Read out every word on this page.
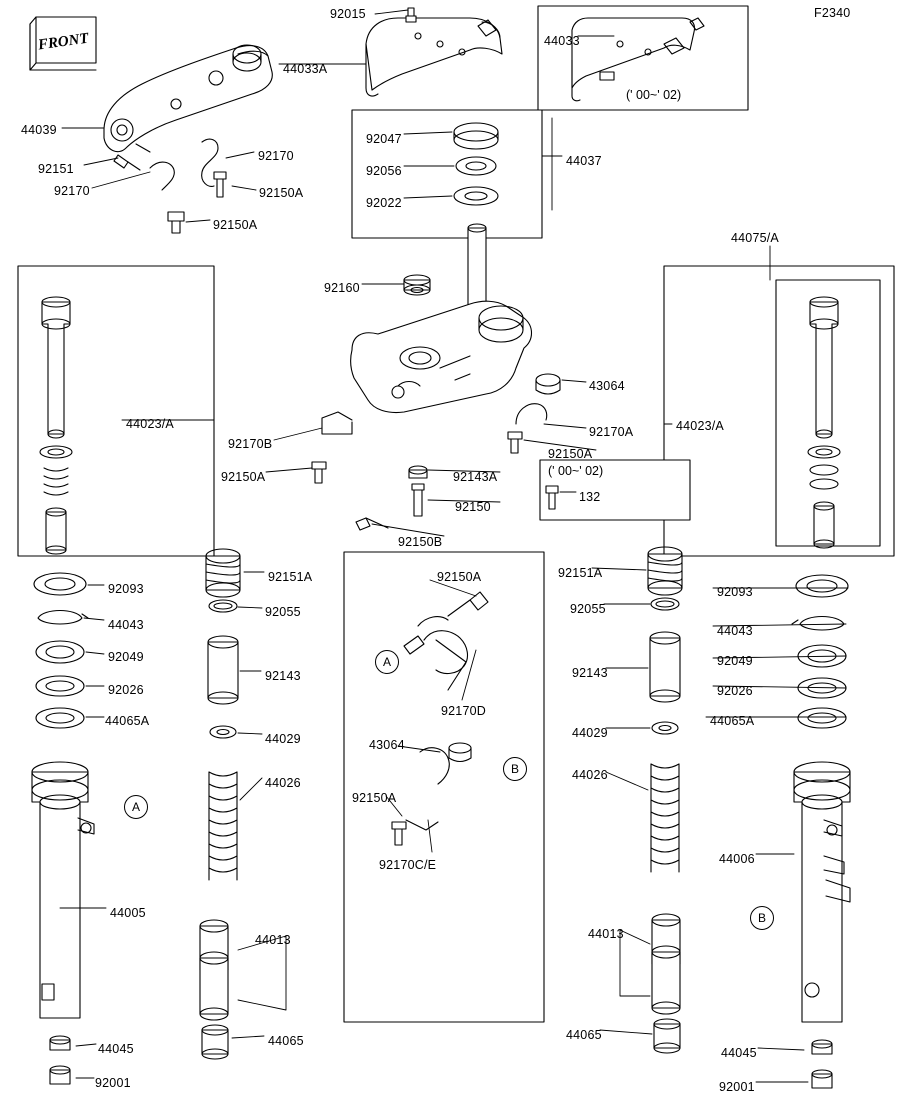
FRONT
F2340
(' 00~' 02)
(' 00~' 02)
92015
44033A
44033
44039
92151
92170
92170	92150A
92150A
92047
44037
92056
92022
44075/A
92160
43064
44023/A	44023/A
92170B
92170A
92150A
92150A	92143A
132
92150
92150B
92093
92151A	92150A	92151A
92093
44043
92055	92055
44043
92049	92049
92143	92143
92026	92026
44065A	44065A
92170D
44029	44029
43064
44026
44026
92150A
44006
92170C/E
44005
44013	44013
44065	44065
44045	44045
92001	92001
A
B
A
B
